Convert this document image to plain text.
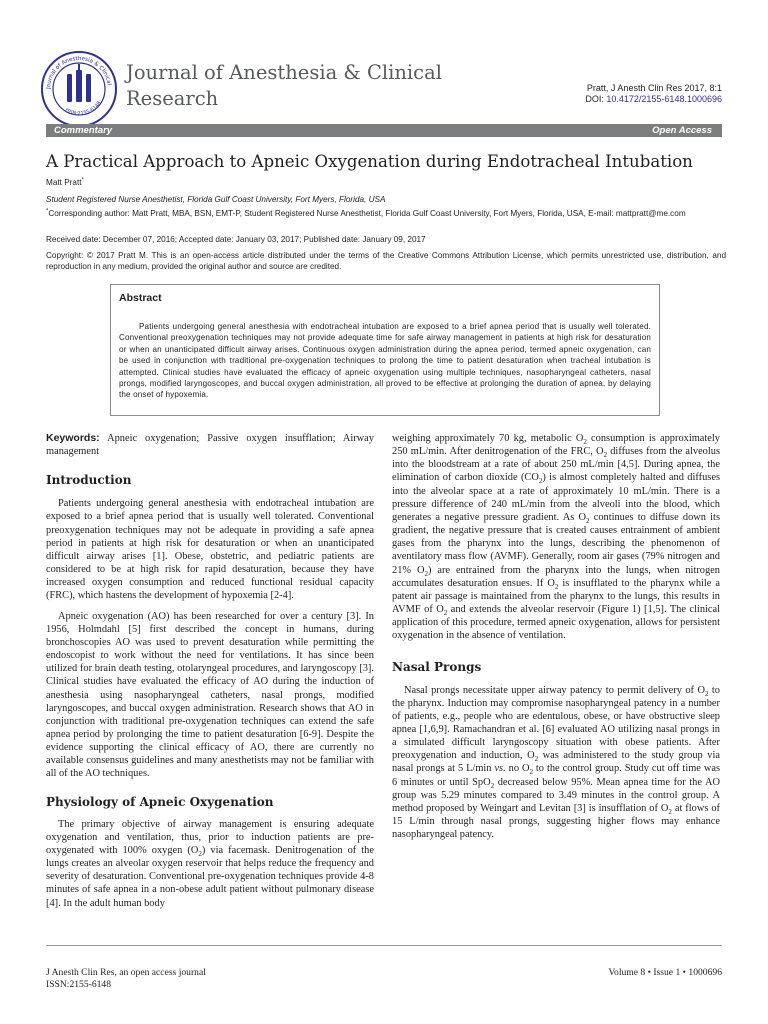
Journal of Anesthesia & Clinical
ISSN:2155-6148
Journal of Anesthesia & Clinical Research	Pratt, J Anesth Clin Res 2017, 8:1
DOI: 10.4172/2155-6148.1000696
Commentary	Open Access
A Practical Approach to Apneic Oxygenation during Endotracheal Intubation
Matt Pratt*
Student Registered Nurse Anesthetist, Florida Gulf Coast University, Fort Myers, Florida, USA
*Corresponding author: Matt Pratt, MBA, BSN, EMT-P, Student Registered Nurse Anesthetist, Florida Gulf Coast University, Fort Myers, Florida, USA, E-mail: mattpratt@me.com
Received date: December 07, 2016; Accepted date: January 03, 2017; Published date: January 09, 2017
Copyright: © 2017 Pratt M. This is an open-access article distributed under the terms of the Creative Commons Attribution License, which permits unrestricted use, distribution, and reproduction in any medium, provided the original author and source are credited.
Abstract
Patients undergoing general anesthesia with endotracheal intubation are exposed to a brief apnea period that is usually well tolerated. Conventional preoxygenation techniques may not provide adequate time for safe airway management in patients at high risk for desaturation or when an unanticipated difficult airway arises. Continuous oxygen administration during the apnea period, termed apneic oxygenation, can be used in conjunction with traditional pre-oxygenation techniques to prolong the time to patient desaturation when tracheal intubation is attempted. Clinical studies have evaluated the efficacy of apneic oxygenation using multiple techniques, nasopharyngeal catheters, nasal prongs, modified laryngoscopes, and buccal oxygen administration, all proved to be effective at prolonging the duration of apnea, by delaying the onset of hypoxemia.

Keywords: Apneic oxygenation; Passive oxygen insufflation; Airway management

Introduction

Patients undergoing general anesthesia with endotracheal intubation are exposed to a brief apnea period that is usually well tolerated. Conventional preoxygenation techniques may not be adequate in providing a safe apnea period in patients at high risk for desaturation or when an unanticipated difficult airway arises [1]. Obese, obstetric, and pediatric patients are considered to be at high risk for rapid desaturation, because they have increased oxygen consumption and reduced functional residual capacity (FRC), which hastens the development of hypoxemia [2-4].

Apneic oxygenation (AO) has been researched for over a century [3]. In 1956, Holmdahl [5] first described the concept in humans, during bronchoscopies AO was used to prevent desaturation while permitting the endoscopist to work without the need for ventilations. It has since been utilized for brain death testing, otolaryngeal procedures, and laryngoscopy [3]. Clinical studies have evaluated the efficacy of AO during the induction of anesthesia using nasopharyngeal catheters, nasal prongs, modified laryngoscopes, and buccal oxygen administration. Research shows that AO in conjunction with traditional pre-oxygenation techniques can extend the safe apnea period by prolonging the time to patient desaturation [6-9]. Despite the evidence supporting the clinical efficacy of AO, there are currently no available consensus guidelines and many anesthetists may not be familiar with all of the AO techniques.

Physiology of Apneic Oxygenation

The primary objective of airway management is ensuring adequate oxygenation and ventilation, thus, prior to induction patients are pre-oxygenated with 100% oxygen $(O_2)$ via facemask. Denitrogenation of the lungs creates an alveolar oxygen reservoir that helps reduce the frequency and severity of desaturation. Conventional pre-oxygenation techniques provide 4-8 minutes of safe apnea in a non-obese adult patient without pulmonary disease [4]. In the adult human body

weighing approximately 70 kg, metabolic $O_2$ consumption is approximately 250 mL/min. After denitrogenation of the FRC, $O_2$ diffuses from the alveolus into the bloodstream at a rate of about 250 mL/min [4,5]. During apnea, the elimination of carbon dioxide $(CO_2)$ is almost completely halted and diffuses into the alveolar space at a rate of approximately 10 mL/min. There is a pressure difference of 240 mL/min from the alveoli into the blood, which generates a negative pressure gradient. As $O_2$ continues to diffuse down its gradient, the negative pressure that is created causes entrainment of ambient gases from the pharynx into the lungs, describing the phenomenon of aventilatory mass flow (AVMF). Generally, room air gases (79% nitrogen and 21% $O_2$) are entrained from the pharynx into the lungs, when nitrogen accumulates desaturation ensues. If $O_2$ is insufflated to the pharynx while a patent air passage is maintained from the pharynx to the lungs, this results in AVMF of $O_2$ and extends the alveolar reservoir (Figure 1) [1,5]. The clinical application of this procedure, termed apneic oxygenation, allows for persistent oxygenation in the absence of ventilation.

Nasal Prongs

Nasal prongs necessitate upper airway patency to permit delivery of $O_2$ to the pharynx. Induction may compromise nasopharyngeal patency in a number of patients, e.g., people who are edentulous, obese, or have obstructive sleep apnea [1,6,9]. Ramachandran et al. [6] evaluated AO utilizing nasal prongs in a simulated difficult laryngoscopy situation with obese patients. After preoxygenation and induction, $O_2$ was administered to the study group via nasal prongs at 5 L/min vs. no $O_2$ to the control group. Study cut off time was 6 minutes or until SpO$_2$ decreased below 95%. Mean apnea time for the AO group was 5.29 minutes compared to 3.49 minutes in the control group. A method proposed by Weingart and Levitan [3] is insufflation of $O_2$ at flows of 15 L/min through nasal prongs, suggesting higher flows may enhance nasopharyngeal patency.

J Anesth Clin Res, an open access journal
ISSN:2155-6148
Volume 8 • Issue 1 • 1000696
